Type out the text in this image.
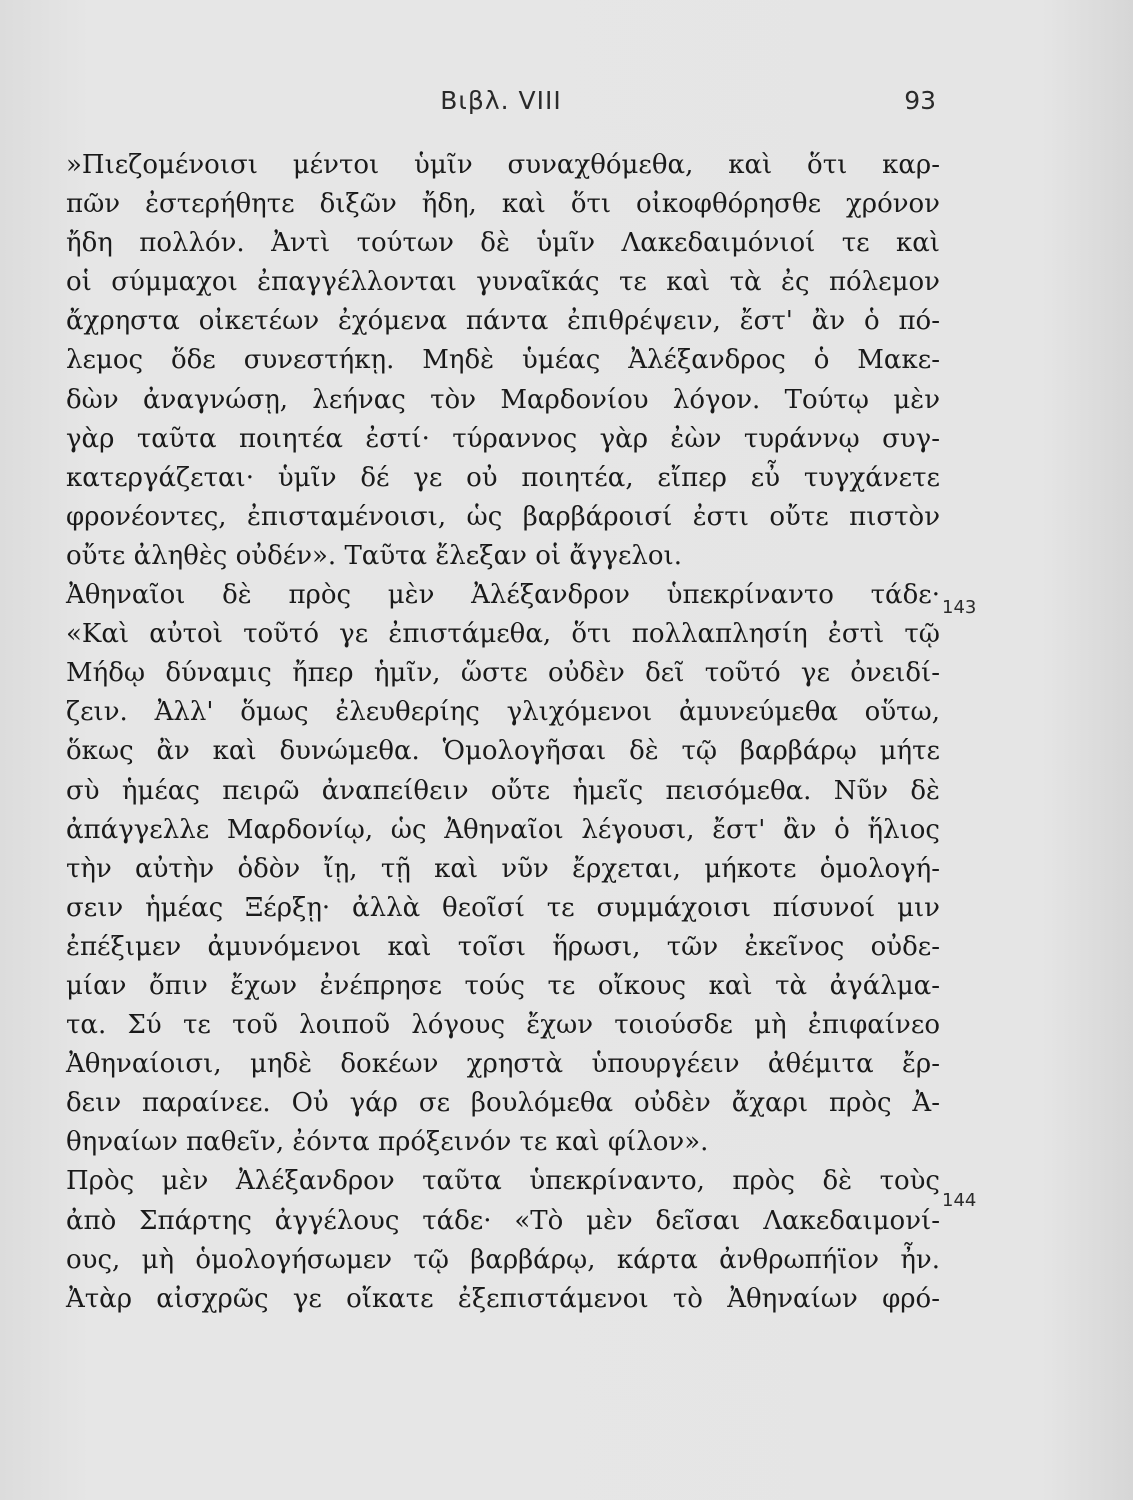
Βιβλ. VIII	93
»Πιεζομένοισι μέντοι ὑμῖν συναχθόμεθα, καὶ ὅτι καρ-
πῶν ἐστερήθητε διξῶν ἤδη, καὶ ὅτι οἰκοφθόρησθε χρόνον
ἤδη πολλόν. Ἀντὶ τούτων δὲ ὑμῖν Λακεδαιμόνιοί τε καὶ
οἱ σύμμαχοι ἐπαγγέλλονται γυναῖκάς τε καὶ τὰ ἐς πόλεμον
ἄχρηστα οἰκετέων ἐχόμενα πάντα ἐπιθρέψειν, ἔστ' ἂν ὁ πό-
λεμος ὅδε συνεστήκῃ. Μηδὲ ὑμέας Ἀλέξανδρος ὁ Μακε-
δὼν ἀναγνώσῃ, λεήνας τὸν Μαρδονίου λόγον. Τούτῳ μὲν
γὰρ ταῦτα ποιητέα ἐστί· τύραννος γὰρ ἐὼν τυράννῳ συγ-
κατεργάζεται· ὑμῖν δέ γε οὐ ποιητέα, εἴπερ εὖ τυγχάνετε
φρονέοντες, ἐπισταμένοισι, ὡς βαρβάροισί ἐστι οὔτε πιστὸν
οὔτε ἀληθὲς οὐδέν». Ταῦτα ἔλεξαν οἱ ἄγγελοι.
Ἀθηναῖοι δὲ πρὸς μὲν Ἀλέξανδρον ὑπεκρίναντο τάδε·
«Καὶ αὐτοὶ τοῦτό γε ἐπιστάμεθα, ὅτι πολλαπλησίη ἐστὶ τῷ
Μήδῳ δύναμις ἤπερ ἡμῖν, ὥστε οὐδὲν δεῖ τοῦτό γε ὀνειδί-
ζειν. Ἀλλ' ὅμως ἐλευθερίης γλιχόμενοι ἀμυνεύμεθα οὕτω,
ὅκως ἂν καὶ δυνώμεθα. Ὁμολογῆσαι δὲ τῷ βαρβάρῳ μήτε
σὺ ἡμέας πειρῶ ἀναπείθειν οὔτε ἡμεῖς πεισόμεθα. Νῦν δὲ
ἀπάγγελλε Μαρδονίῳ, ὡς Ἀθηναῖοι λέγουσι, ἔστ' ἂν ὁ ἥλιος
τὴν αὐτὴν ὁδὸν ἴῃ, τῇ καὶ νῦν ἔρχεται, μήκοτε ὁμολογή-
σειν ἡμέας Ξέρξῃ· ἀλλὰ θεοῖσί τε συμμάχοισι πίσυνοί μιν
ἐπέξιμεν ἀμυνόμενοι καὶ τοῖσι ἥρωσι, τῶν ἐκεῖνος οὐδε-
μίαν ὄπιν ἔχων ἐνέπρησε τούς τε οἴκους καὶ τὰ ἀγάλμα-
τα. Σύ τε τοῦ λοιποῦ λόγους ἔχων τοιούσδε μὴ ἐπιφαίνεο
Ἀθηναίοισι, μηδὲ δοκέων χρηστὰ ὑπουργέειν ἀθέμιτα ἔρ-
δειν παραίνεε. Οὐ γάρ σε βουλόμεθα οὐδὲν ἄχαρι πρὸς Ἀ-
θηναίων παθεῖν, ἐόντα πρόξεινόν τε καὶ φίλον».
Πρὸς μὲν Ἀλέξανδρον ταῦτα ὑπεκρίναντο, πρὸς δὲ τοὺς
ἀπὸ Σπάρτης ἀγγέλους τάδε· «Τὸ μὲν δεῖσαι Λακεδαιμονί-
ους, μὴ ὁμολογήσωμεν τῷ βαρβάρῳ, κάρτα ἀνθρωπήϊον ἦν.
Ἀτὰρ αἰσχρῶς γε οἴκατε ἐξεπιστάμενοι τὸ Ἀθηναίων φρό-
143
144
